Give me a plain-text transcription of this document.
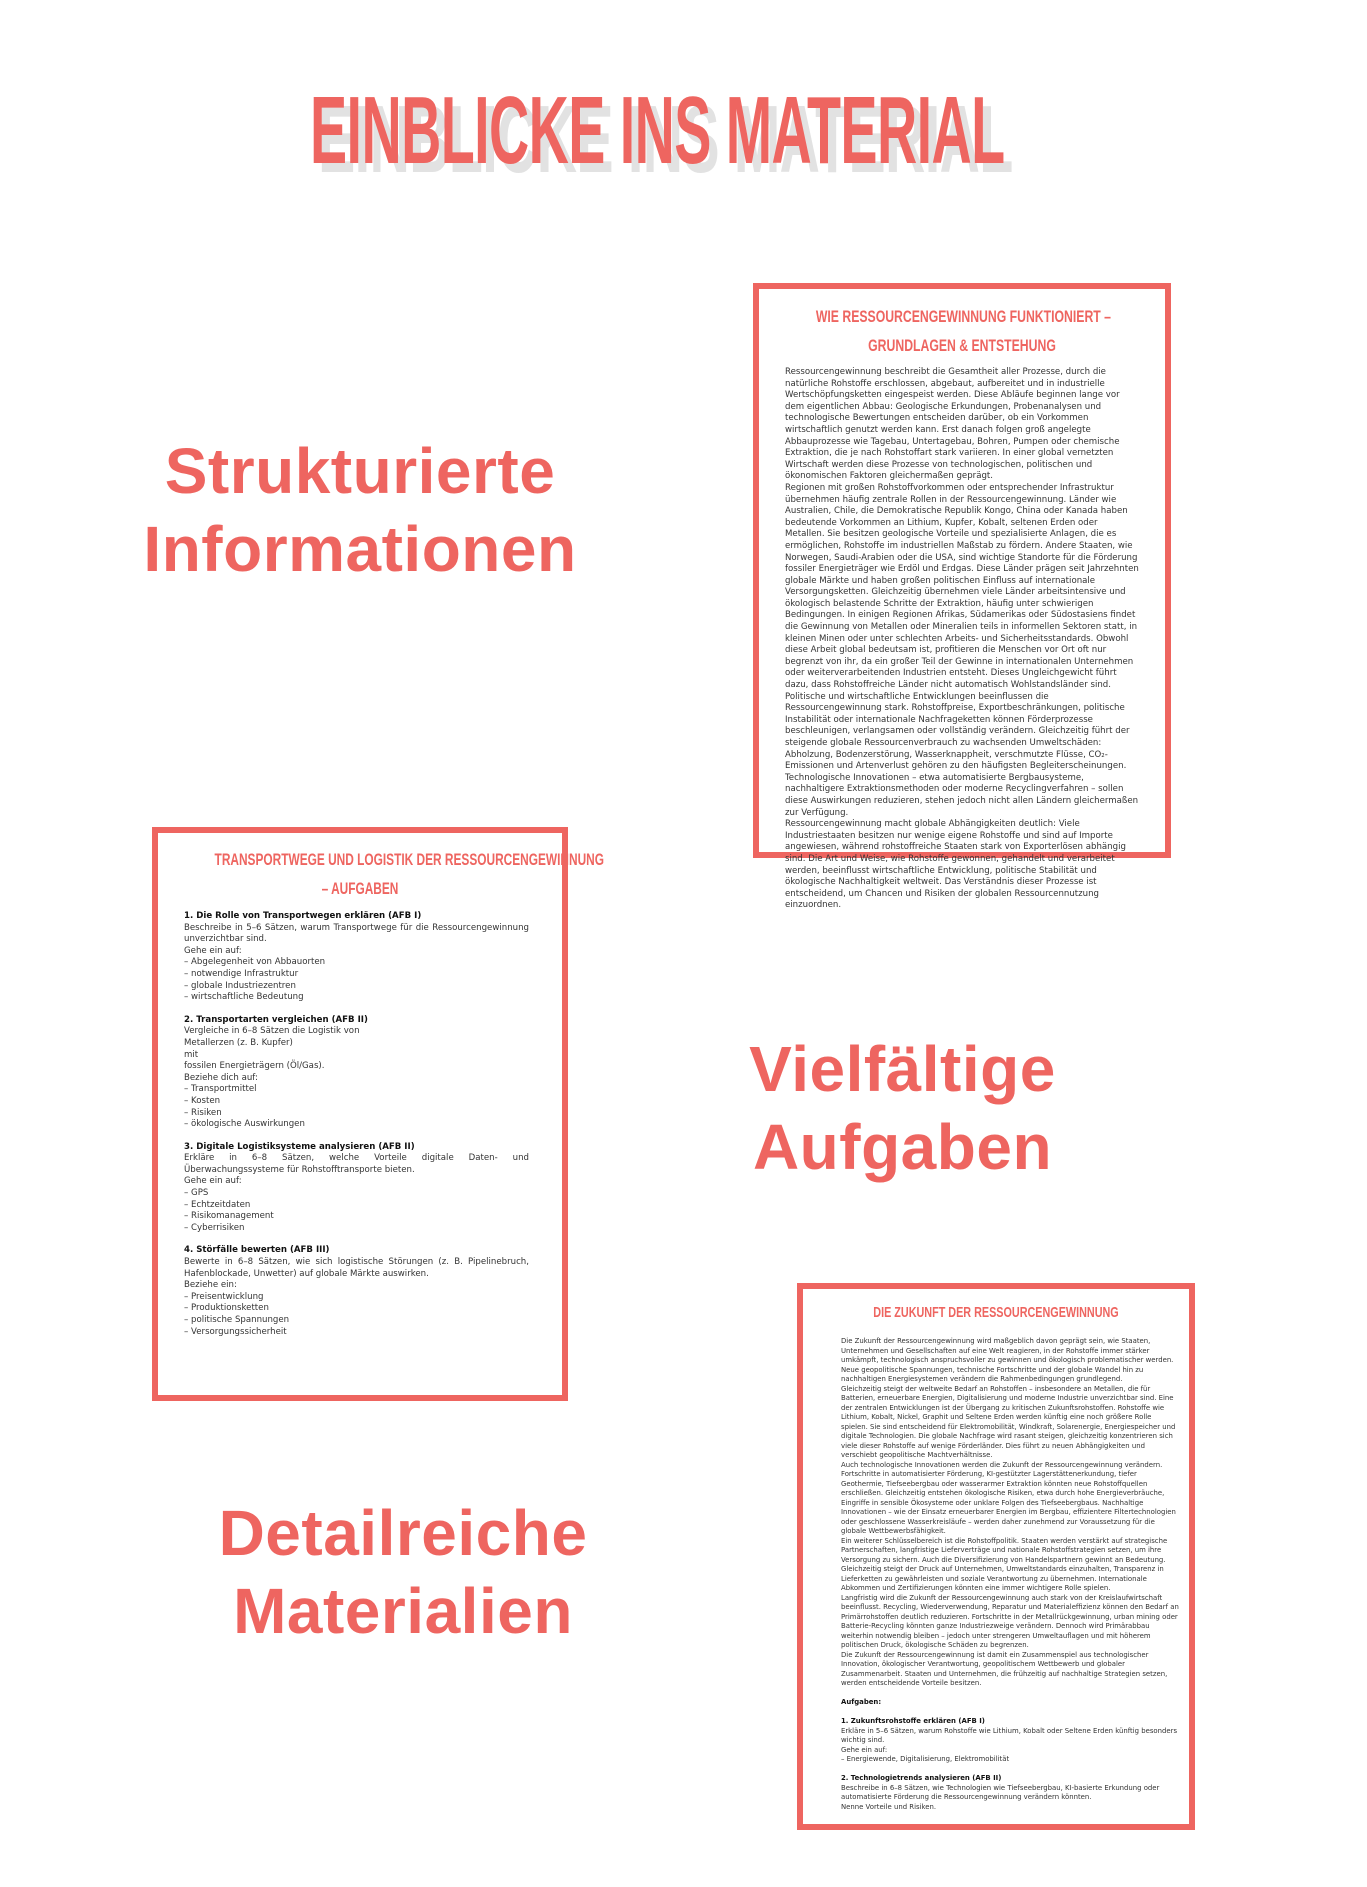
EINBLICKE INS MATERIAL
Strukturierte
Informationen
Vielfältige
Aufgaben
Detailreiche
Materialien
WIE RESSOURCENGEWINNUNG FUNKTIONIERT –
GRUNDLAGEN & ENTSTEHUNG

Ressourcengewinnung beschreibt die Gesamtheit aller Prozesse, durch die natürliche Rohstoffe erschlossen, abgebaut, aufbereitet und in industrielle Wertschöpfungsketten eingespeist werden. Diese Abläufe beginnen lange vor dem eigentlichen Abbau: Geologische Erkundungen, Probenanalysen und technologische Bewertungen entscheiden darüber, ob ein Vorkommen wirtschaftlich genutzt werden kann. Erst danach folgen groß angelegte Abbauprozesse wie Tagebau, Untertagebau, Bohren, Pumpen oder chemische Extraktion, die je nach Rohstoffart stark variieren. In einer global vernetzten Wirtschaft werden diese Prozesse von technologischen, politischen und ökonomischen Faktoren gleichermaßen geprägt.

Regionen mit großen Rohstoffvorkommen oder entsprechender Infrastruktur übernehmen häufig zentrale Rollen in der Ressourcengewinnung. Länder wie Australien, Chile, die Demokratische Republik Kongo, China oder Kanada haben bedeutende Vorkommen an Lithium, Kupfer, Kobalt, seltenen Erden oder Metallen. Sie besitzen geologische Vorteile und spezialisierte Anlagen, die es ermöglichen, Rohstoffe im industriellen Maßstab zu fördern. Andere Staaten, wie Norwegen, Saudi-Arabien oder die USA, sind wichtige Standorte für die Förderung fossiler Energieträger wie Erdöl und Erdgas. Diese Länder prägen seit Jahrzehnten globale Märkte und haben großen politischen Einfluss auf internationale Versorgungsketten. Gleichzeitig übernehmen viele Länder arbeitsintensive und ökologisch belastende Schritte der Extraktion, häufig unter schwierigen Bedingungen. In einigen Regionen Afrikas, Südamerikas oder Südostasiens findet die Gewinnung von Metallen oder Mineralien teils in informellen Sektoren statt, in kleinen Minen oder unter schlechten Arbeits- und Sicherheitsstandards. Obwohl diese Arbeit global bedeutsam ist, profitieren die Menschen vor Ort oft nur begrenzt von ihr, da ein großer Teil der Gewinne in internationalen Unternehmen oder weiterverarbeitenden Industrien entsteht. Dieses Ungleichgewicht führt dazu, dass Rohstoffreiche Länder nicht automatisch Wohlstandsländer sind.

Politische und wirtschaftliche Entwicklungen beeinflussen die Ressourcengewinnung stark. Rohstoffpreise, Exportbeschränkungen, politische Instabilität oder internationale Nachfrageketten können Förderprozesse beschleunigen, verlangsamen oder vollständig verändern. Gleichzeitig führt der steigende globale Ressourcenverbrauch zu wachsenden Umweltschäden: Abholzung, Bodenzerstörung, Wasserknappheit, verschmutzte Flüsse, CO₂-Emissionen und Artenverlust gehören zu den häufigsten Begleiterscheinungen.

Technologische Innovationen – etwa automatisierte Bergbausysteme, nachhaltigere Extraktionsmethoden oder moderne Recyclingverfahren – sollen diese Auswirkungen reduzieren, stehen jedoch nicht allen Ländern gleichermaßen zur Verfügung.

Ressourcengewinnung macht globale Abhängigkeiten deutlich: Viele Industriestaaten besitzen nur wenige eigene Rohstoffe und sind auf Importe angewiesen, während rohstoffreiche Staaten stark von Exporterlösen abhängig sind. Die Art und Weise, wie Rohstoffe gewonnen, gehandelt und verarbeitet werden, beeinflusst wirtschaftliche Entwicklung, politische Stabilität und ökologische Nachhaltigkeit weltweit. Das Verständnis dieser Prozesse ist entscheidend, um Chancen und Risiken der globalen Ressourcennutzung einzuordnen.

TRANSPORTWEGE UND LOGISTIK DER RESSOURCENGEWINNUNG
– AUFGABEN

1. Die Rolle von Transportwegen erklären (AFB I)

Beschreibe in 5–6 Sätzen, warum Transportwege für die Ressourcengewinnung unverzichtbar sind.

Gehe ein auf:

– Abgelegenheit von Abbauorten
– notwendige Infrastruktur
– globale Industriezentren
– wirtschaftliche Bedeutung

2. Transportarten vergleichen (AFB II)

Vergleiche in 6–8 Sätzen die Logistik von

Metallerzen (z. B. Kupfer)

mit

fossilen Energieträgern (Öl/Gas).

Beziehe dich auf:

– Transportmittel
– Kosten
– Risiken
– ökologische Auswirkungen

3. Digitale Logistiksysteme analysieren (AFB II)

Erkläre in 6–8 Sätzen, welche Vorteile digitale Daten- und Überwachungssysteme für Rohstofftransporte bieten.

Gehe ein auf:

– GPS
– Echtzeitdaten
– Risikomanagement
– Cyberrisiken

4. Störfälle bewerten (AFB III)

Bewerte in 6–8 Sätzen, wie sich logistische Störungen (z. B. Pipelinebruch, Hafenblockade, Unwetter) auf globale Märkte auswirken.

Beziehe ein:

– Preisentwicklung
– Produktionsketten
– politische Spannungen
– Versorgungssicherheit
DIE ZUKUNFT DER RESSOURCENGEWINNUNG

Die Zukunft der Ressourcengewinnung wird maßgeblich davon geprägt sein, wie Staaten, Unternehmen und Gesellschaften auf eine Welt reagieren, in der Rohstoffe immer stärker umkämpft, technologisch anspruchsvoller zu gewinnen und ökologisch problematischer werden. Neue geopolitische Spannungen, technische Fortschritte und der globale Wandel hin zu nachhaltigen Energiesystemen verändern die Rahmenbedingungen grundlegend.

Gleichzeitig steigt der weltweite Bedarf an Rohstoffen – insbesondere an Metallen, die für Batterien, erneuerbare Energien, Digitalisierung und moderne Industrie unverzichtbar sind. Eine der zentralen Entwicklungen ist der Übergang zu kritischen Zukunftsrohstoffen. Rohstoffe wie Lithium, Kobalt, Nickel, Graphit und Seltene Erden werden künftig eine noch größere Rolle spielen. Sie sind entscheidend für Elektromobilität, Windkraft, Solarenergie, Energiespeicher und digitale Technologien. Die globale Nachfrage wird rasant steigen, gleichzeitig konzentrieren sich viele dieser Rohstoffe auf wenige Förderländer. Dies führt zu neuen Abhängigkeiten und verschiebt geopolitische Machtverhältnisse.

Auch technologische Innovationen werden die Zukunft der Ressourcengewinnung verändern. Fortschritte in automatisierter Förderung, KI-gestützter Lagerstättenerkundung, tiefer Geothermie, Tiefseebergbau oder wasserarmer Extraktion könnten neue Rohstoffquellen erschließen. Gleichzeitig entstehen ökologische Risiken, etwa durch hohe Energieverbräuche, Eingriffe in sensible Ökosysteme oder unklare Folgen des Tiefseebergbaus. Nachhaltige Innovationen – wie der Einsatz erneuerbarer Energien im Bergbau, effizientere Filtertechnologien oder geschlossene Wasserkreisläufe – werden daher zunehmend zur Voraussetzung für die globale Wettbewerbsfähigkeit.

Ein weiterer Schlüsselbereich ist die Rohstoffpolitik. Staaten werden verstärkt auf strategische Partnerschaften, langfristige Lieferverträge und nationale Rohstoffstrategien setzen, um ihre Versorgung zu sichern. Auch die Diversifizierung von Handelspartnern gewinnt an Bedeutung. Gleichzeitig steigt der Druck auf Unternehmen, Umweltstandards einzuhalten, Transparenz in Lieferketten zu gewährleisten und soziale Verantwortung zu übernehmen. Internationale Abkommen und Zertifizierungen könnten eine immer wichtigere Rolle spielen.

Langfristig wird die Zukunft der Ressourcengewinnung auch stark von der Kreislaufwirtschaft beeinflusst. Recycling, Wiederverwendung, Reparatur und Materialeffizienz können den Bedarf an Primärrohstoffen deutlich reduzieren. Fortschritte in der Metallrückgewinnung, urban mining oder Batterie-Recycling könnten ganze Industriezweige verändern. Dennoch wird Primärabbau weiterhin notwendig bleiben – jedoch unter strengeren Umweltauflagen und mit höherem politischen Druck, ökologische Schäden zu begrenzen.

Die Zukunft der Ressourcengewinnung ist damit ein Zusammenspiel aus technologischer Innovation, ökologischer Verantwortung, geopolitischem Wettbewerb und globaler Zusammenarbeit. Staaten und Unternehmen, die frühzeitig auf nachhaltige Strategien setzen, werden entscheidende Vorteile besitzen.

Aufgaben:

1. Zukunftsrohstoffe erklären (AFB I)

Erkläre in 5–6 Sätzen, warum Rohstoffe wie Lithium, Kobalt oder Seltene Erden künftig besonders wichtig sind.

Gehe ein auf:

– Energiewende, Digitalisierung, Elektromobilität

2. Technologietrends analysieren (AFB II)

Beschreibe in 6–8 Sätzen, wie Technologien wie Tiefseebergbau, KI-basierte Erkundung oder automatisierte Förderung die Ressourcengewinnung verändern könnten.

Nenne Vorteile und Risiken.
